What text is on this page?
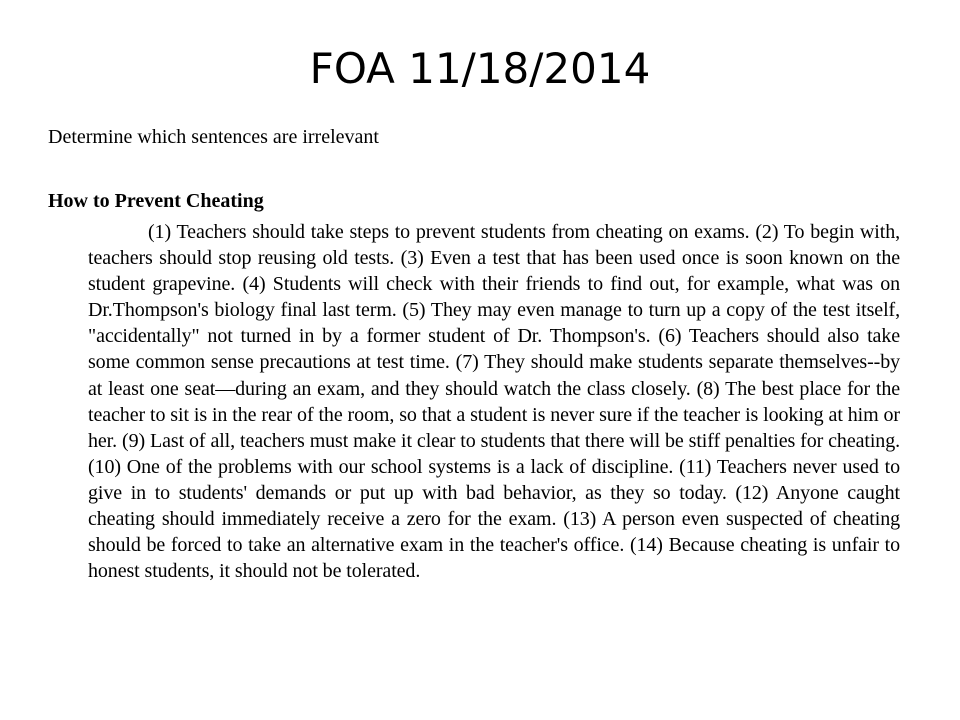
FOA 11/18/2014

Determine which sentences are irrelevant

How to Prevent Cheating

(1) Teachers should take steps to prevent students from cheating on exams. (2) To begin with, teachers should stop reusing old tests. (3) Even a test that has been used once is soon known on the student grapevine. (4) Students will check with their friends to find out, for example, what was on Dr.Thompson's biology final last term. (5) They may even manage to turn up a copy of the test itself, "accidentally" not turned in by a former student of Dr. Thompson's. (6) Teachers should also take some common sense precautions at test time. (7) They should make students separate themselves--by at least one seat—during an exam, and they should watch the class closely. (8) The best place for the teacher to sit is in the rear of the room, so that a student is never sure if the teacher is looking at him or her. (9) Last of all, teachers must make it clear to students that there will be stiff penalties for cheating. (10) One of the problems with our school systems is a lack of discipline. (11) Teachers never used to give in to students' demands or put up with bad behavior, as they so today. (12) Anyone caught cheating should immediately receive a zero for the exam. (13) A person even suspected of cheating should be forced to take an alternative exam in the teacher's office. (14) Because cheating is unfair to honest students, it should not be tolerated.
